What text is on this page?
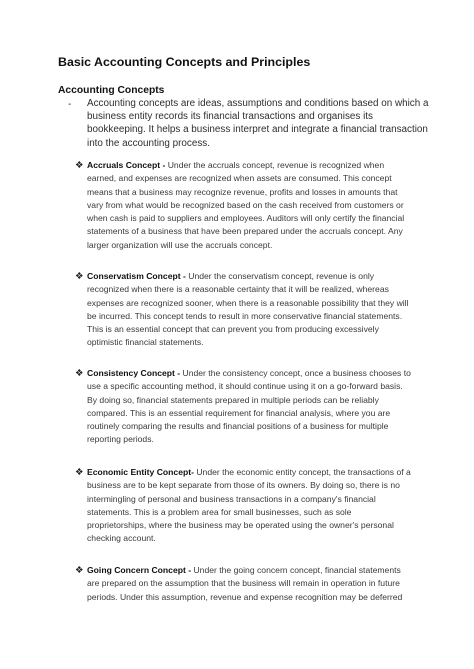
Basic Accounting Concepts and Principles
Accounting Concepts
- Accounting concepts are ideas, assumptions and conditions based on which a
business entity records its financial transactions and organises its
bookkeeping. It helps a business interpret and integrate a financial transaction
into the accounting process.
❖ Accruals Concept - Under the accruals concept, revenue is recognized when
earned, and expenses are recognized when assets are consumed. This concept
means that a business may recognize revenue, profits and losses in amounts that
vary from what would be recognized based on the cash received from customers or
when cash is paid to suppliers and employees. Auditors will only certify the financial
statements of a business that have been prepared under the accruals concept. Any
larger organization will use the accruals concept.
❖ Conservatism Concept - Under the conservatism concept, revenue is only
recognized when there is a reasonable certainty that it will be realized, whereas
expenses are recognized sooner, when there is a reasonable possibility that they will
be incurred. This concept tends to result in more conservative financial statements.
This is an essential concept that can prevent you from producing excessively
optimistic financial statements.
❖ Consistency Concept - Under the consistency concept, once a business chooses to
use a specific accounting method, it should continue using it on a go-forward basis.
By doing so, financial statements prepared in multiple periods can be reliably
compared. This is an essential requirement for financial analysis, where you are
routinely comparing the results and financial positions of a business for multiple
reporting periods.
❖ Economic Entity Concept- Under the economic entity concept, the transactions of a
business are to be kept separate from those of its owners. By doing so, there is no
intermingling of personal and business transactions in a company's financial
statements. This is a problem area for small businesses, such as sole
proprietorships, where the business may be operated using the owner's personal
checking account.
❖ Going Concern Concept - Under the going concern concept, financial statements
are prepared on the assumption that the business will remain in operation in future
periods. Under this assumption, revenue and expense recognition may be deferred
